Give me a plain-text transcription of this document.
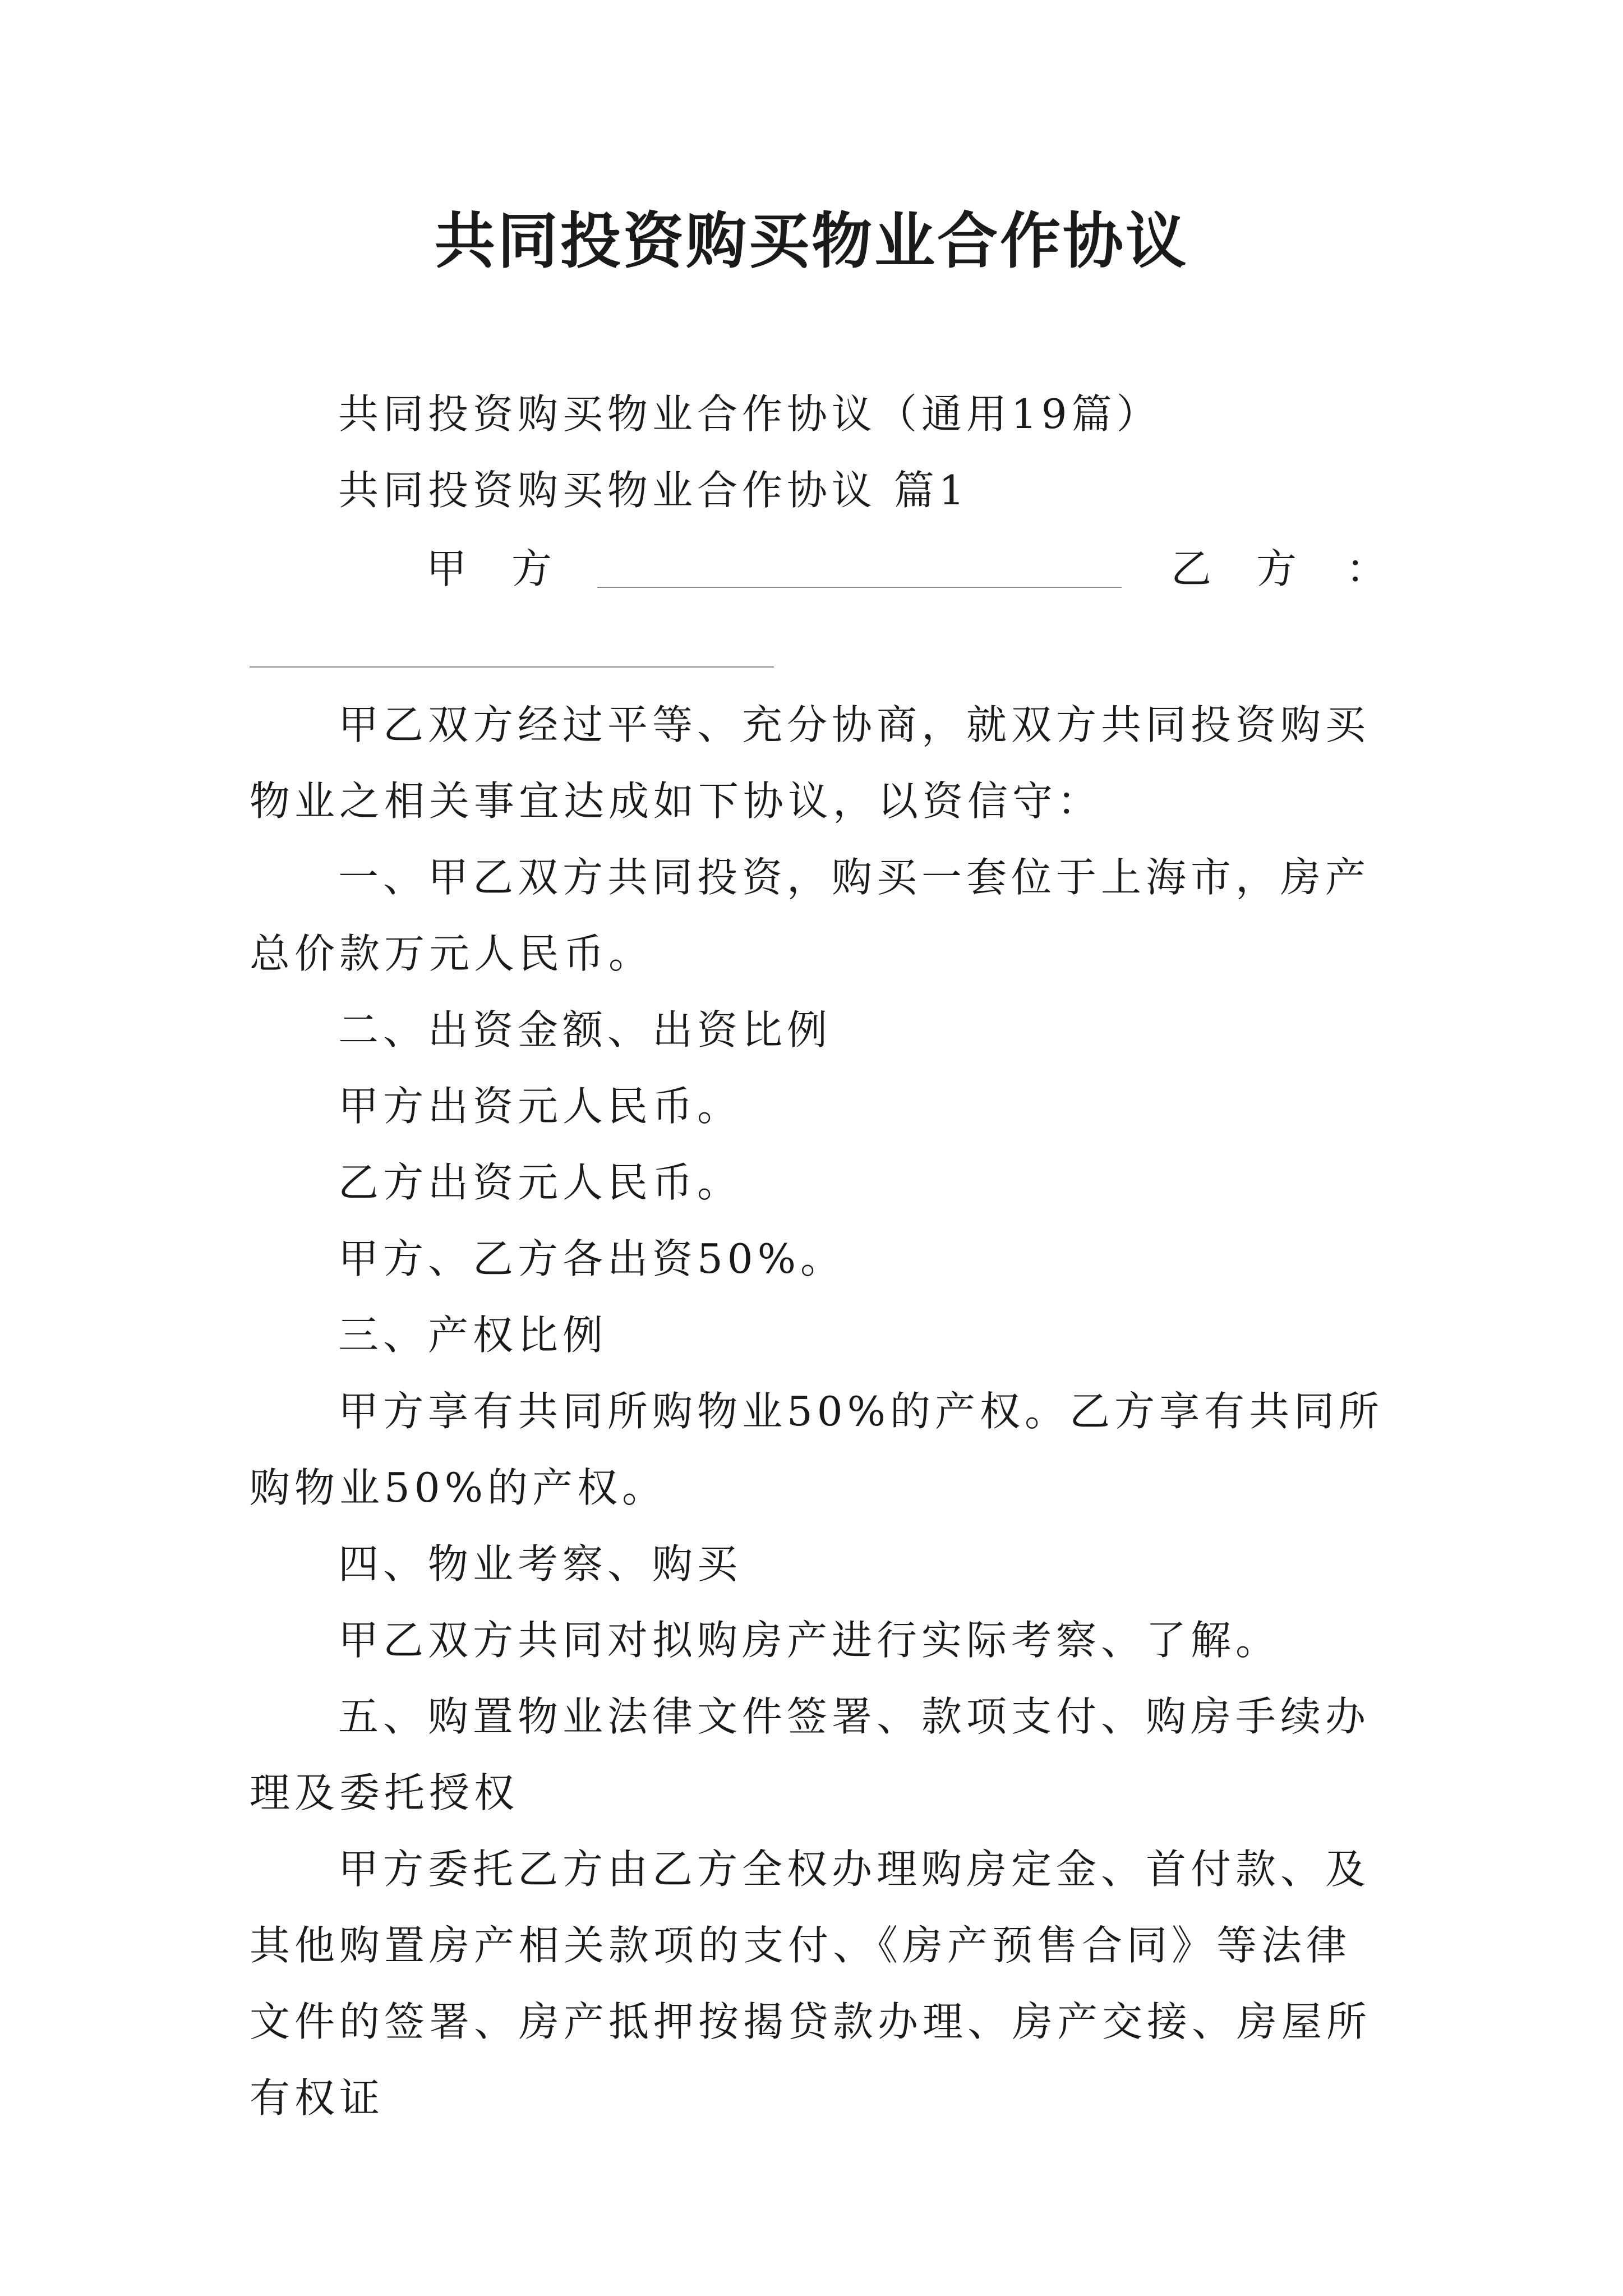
共同投资购买物业合作协议

共同投资购买物业合作协议（通用19篇）

共同投资购买物业合作协议 篇1

甲方	乙方 ：

甲乙双方经过平等、充分协商，就双方共同投资购买物业之相关事宜达成如下协议，以资信守：

一、甲乙双方共同投资，购买一套位于上海市，房产总价款万元人民币。

二、出资金额、出资比例

甲方出资元人民币。

乙方出资元人民币。

甲方、乙方各出资50%。

三、产权比例

甲方享有共同所购物业50%的产权。乙方享有共同所购物业50%的产权。

四、物业考察、购买

甲乙双方共同对拟购房产进行实际考察、了解。

五、购置物业法律文件签署、款项支付、购房手续办理及委托授权

甲方委托乙方由乙方全权办理购房定金、首付款、及其他购置房产相关款项的支付、《房产预售合同》等法律文件的签署、房产抵押按揭贷款办理、房产交接、房屋所有权证
